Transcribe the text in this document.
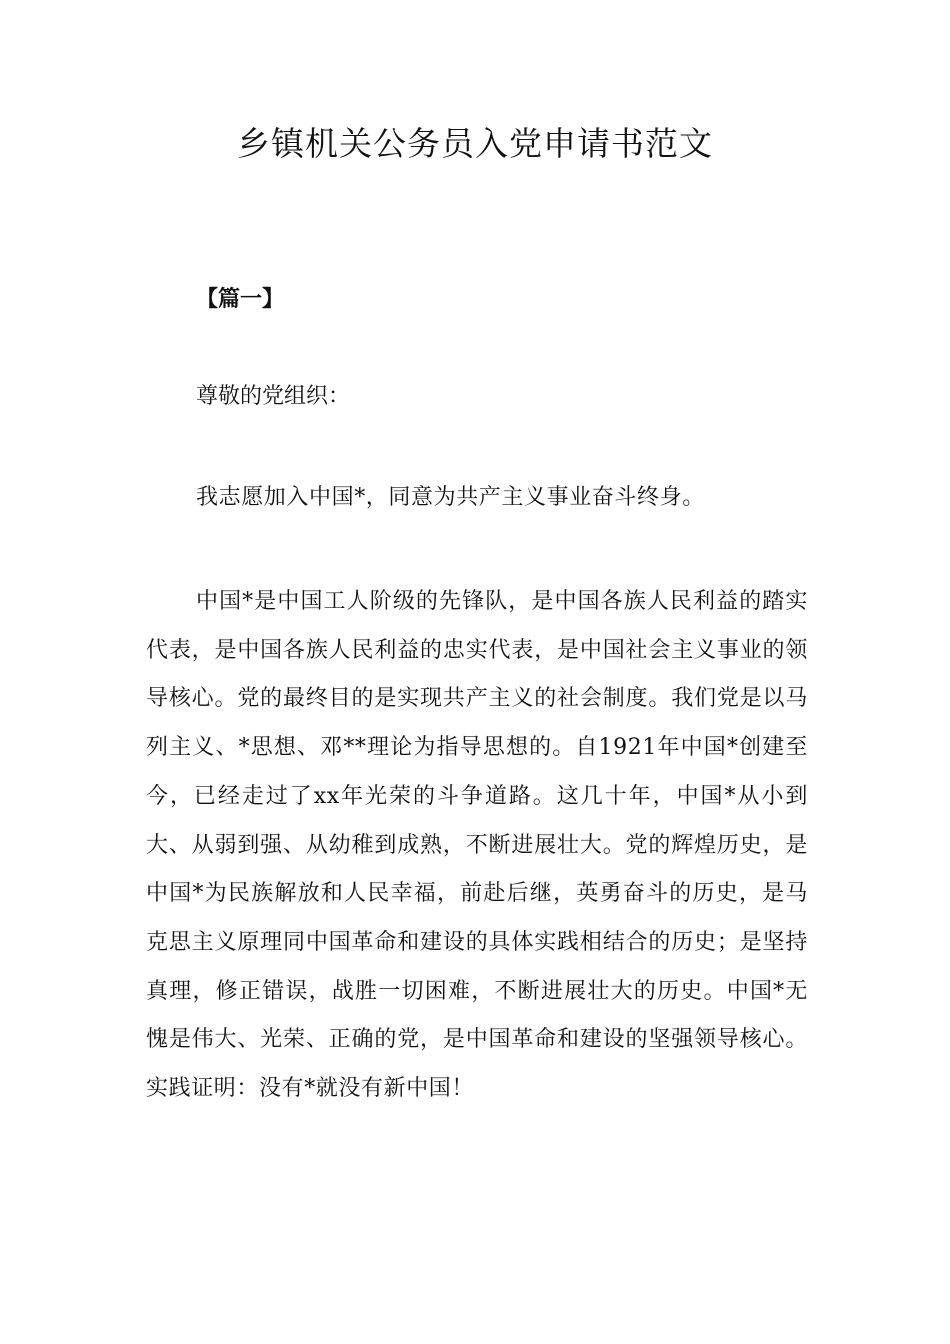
乡镇机关公务员入党申请书范文
【篇一】
尊敬的党组织：

我志愿加入中国*，同意为共产主义事业奋斗终身。

中国*是中国工人阶级的先锋队，是中国各族人民利益的踏实代表，是中国各族人民利益的忠实代表，是中国社会主义事业的领导核心。党的最终目的是实现共产主义的社会制度。我们党是以马列主义、*思想、邓**理论为指导思想的。自1921年中国*创建至今，已经走过了xx年光荣的斗争道路。这几十年，中国*从小到大、从弱到强、从幼稚到成熟，不断进展壮大。党的辉煌历史，是中国*为民族解放和人民幸福，前赴后继，英勇奋斗的历史，是马克思主义原理同中国革命和建设的具体实践相结合的历史；是坚持真理，修正错误，战胜一切困难，不断进展壮大的历史。中国*无愧是伟大、光荣、正确的党，是中国革命和建设的坚强领导核心。实践证明：没有*就没有新中国！
